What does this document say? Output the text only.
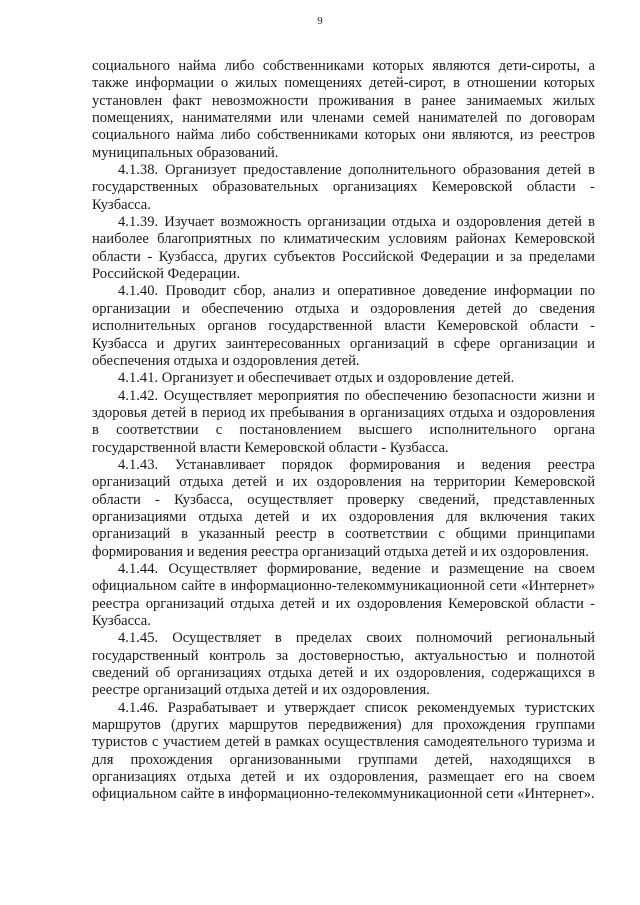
9

социального найма либо собственниками которых являются дети-сироты, а также информации о жилых помещениях детей-сирот, в отношении которых установлен факт невозможности проживания в ранее занимаемых жилых помещениях, нанимателями или членами семей нанимателей по договорам социального найма либо собственниками которых они являются, из реестров муниципальных образований.

4.1.38. Организует предоставление дополнительного образования детей в государственных образовательных организациях Кемеровской области - Кузбасса.

4.1.39. Изучает возможность организации отдыха и оздоровления детей в наиболее благоприятных по климатическим условиям районах Кемеровской области - Кузбасса, других субъектов Российской Федерации и за пределами Российской Федерации.

4.1.40. Проводит сбор, анализ и оперативное доведение информации по организации и обеспечению отдыха и оздоровления детей до сведения исполнительных органов государственной власти Кемеровской области - Кузбасса и других заинтересованных организаций в сфере организации и обеспечения отдыха и оздоровления детей.

4.1.41. Организует и обеспечивает отдых и оздоровление детей.

4.1.42. Осуществляет мероприятия по обеспечению безопасности жизни и здоровья детей в период их пребывания в организациях отдыха и оздоровления в соответствии с постановлением высшего исполнительного органа государственной власти Кемеровской области - Кузбасса.

4.1.43. Устанавливает порядок формирования и ведения реестра организаций отдыха детей и их оздоровления на территории Кемеровской области - Кузбасса, осуществляет проверку сведений, представленных организациями отдыха детей и их оздоровления для включения таких организаций в указанный реестр в соответствии с общими принципами формирования и ведения реестра организаций отдыха детей и их оздоровления.

4.1.44. Осуществляет формирование, ведение и размещение на своем официальном сайте в информационно-телекоммуникационной сети «Интернет» реестра организаций отдыха детей и их оздоровления Кемеровской области - Кузбасса.

4.1.45. Осуществляет в пределах своих полномочий региональный государственный контроль за достоверностью, актуальностью и полнотой сведений об организациях отдыха детей и их оздоровления, содержащихся в реестре организаций отдыха детей и их оздоровления.

4.1.46. Разрабатывает и утверждает список рекомендуемых туристских маршрутов (других маршрутов передвижения) для прохождения группами туристов с участием детей в рамках осуществления самодеятельного туризма и для прохождения организованными группами детей, находящихся в организациях отдыха детей и их оздоровления, размещает его на своем официальном сайте в информационно-телекоммуникационной сети «Интернет».
